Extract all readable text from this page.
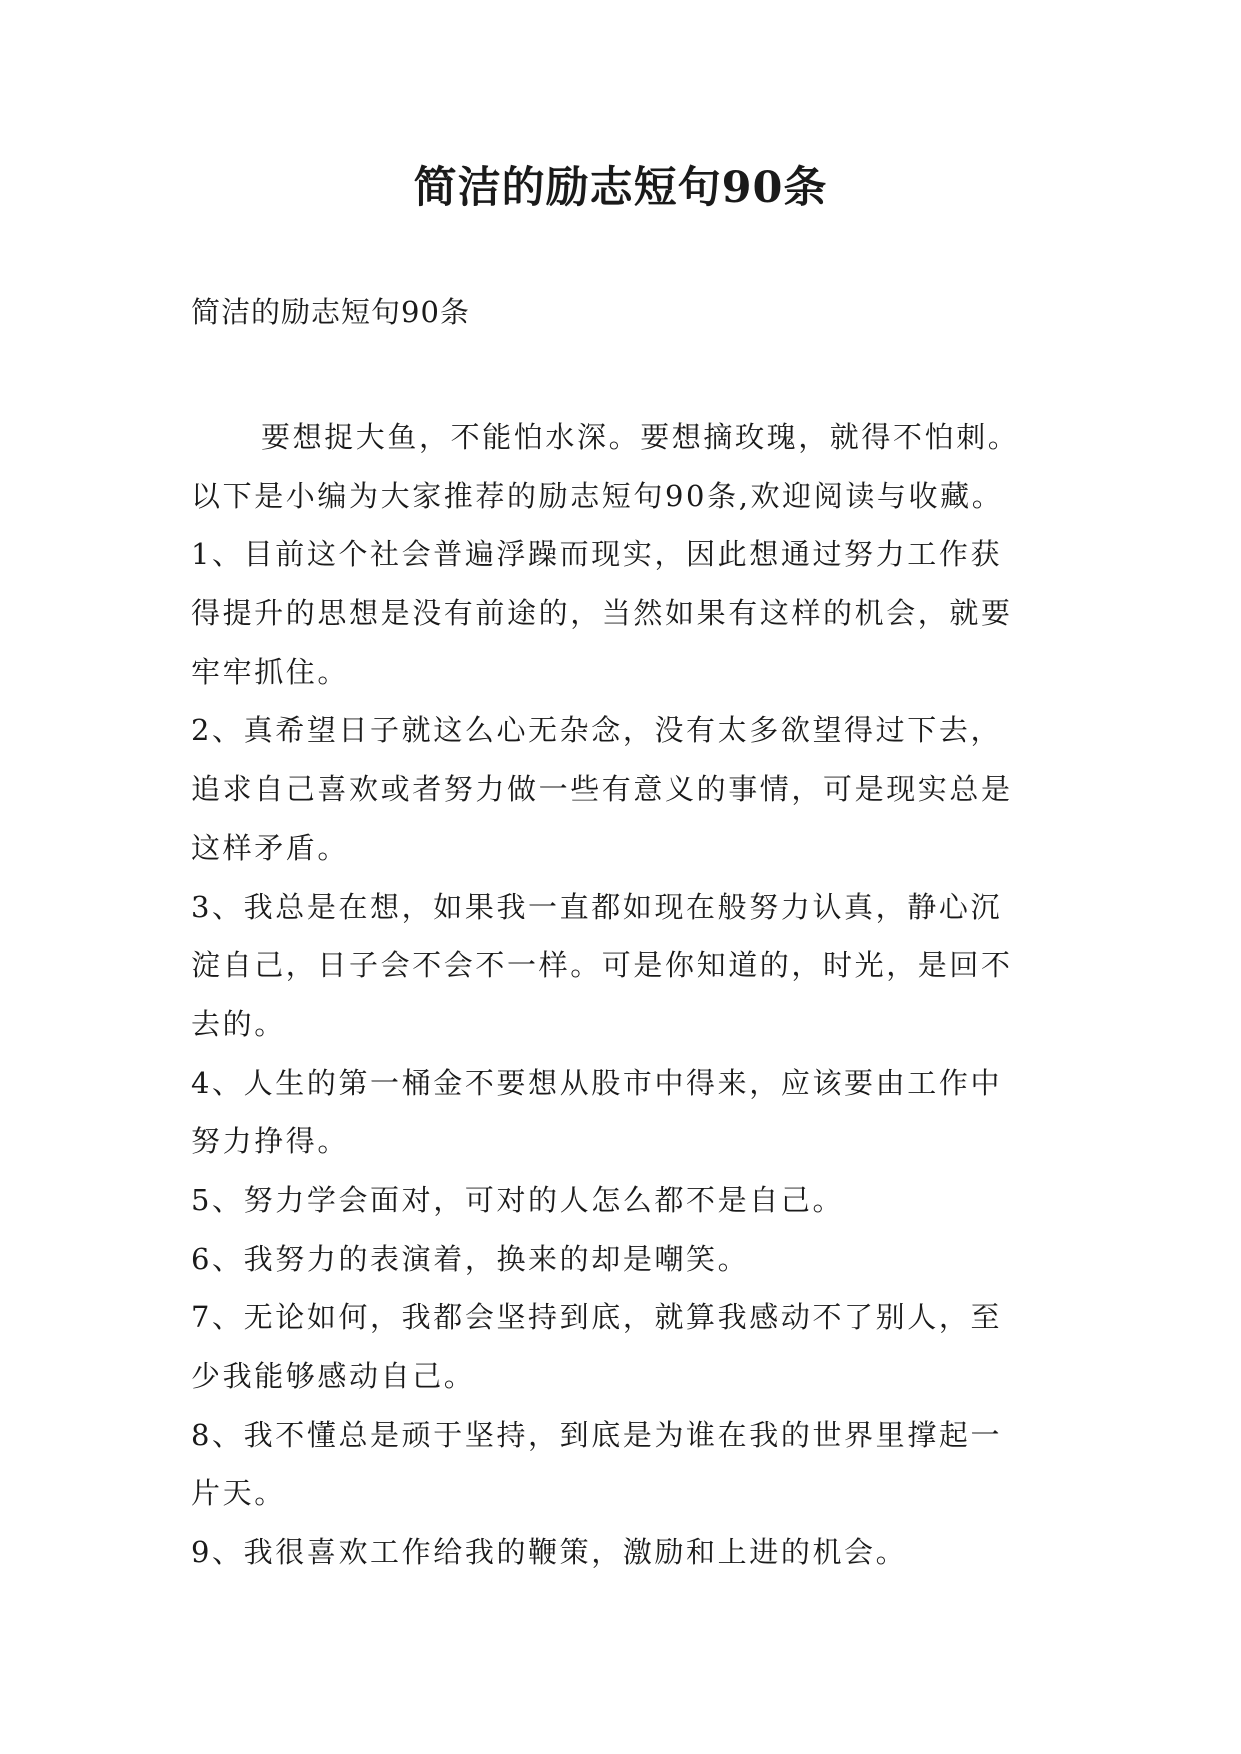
简洁的励志短句90条
简洁的励志短句90条
要想捉大鱼，不能怕水深。要想摘玫瑰，就得不怕刺。
以下是小编为大家推荐的励志短句90条,欢迎阅读与收藏。
1、目前这个社会普遍浮躁而现实，因此想通过努力工作获
得提升的思想是没有前途的，当然如果有这样的机会，就要
牢牢抓住。
2、真希望日子就这么心无杂念，没有太多欲望得过下去，
追求自己喜欢或者努力做一些有意义的事情，可是现实总是
这样矛盾。
3、我总是在想，如果我一直都如现在般努力认真，静心沉
淀自己，日子会不会不一样。可是你知道的，时光，是回不
去的。
4、人生的第一桶金不要想从股市中得来，应该要由工作中
努力挣得。
5、努力学会面对，可对的人怎么都不是自己。
6、我努力的表演着，换来的却是嘲笑。
7、无论如何，我都会坚持到底，就算我感动不了别人，至
少我能够感动自己。
8、我不懂总是顽于坚持，到底是为谁在我的世界里撑起一
片天。
9、我很喜欢工作给我的鞭策，激励和上进的机会。
